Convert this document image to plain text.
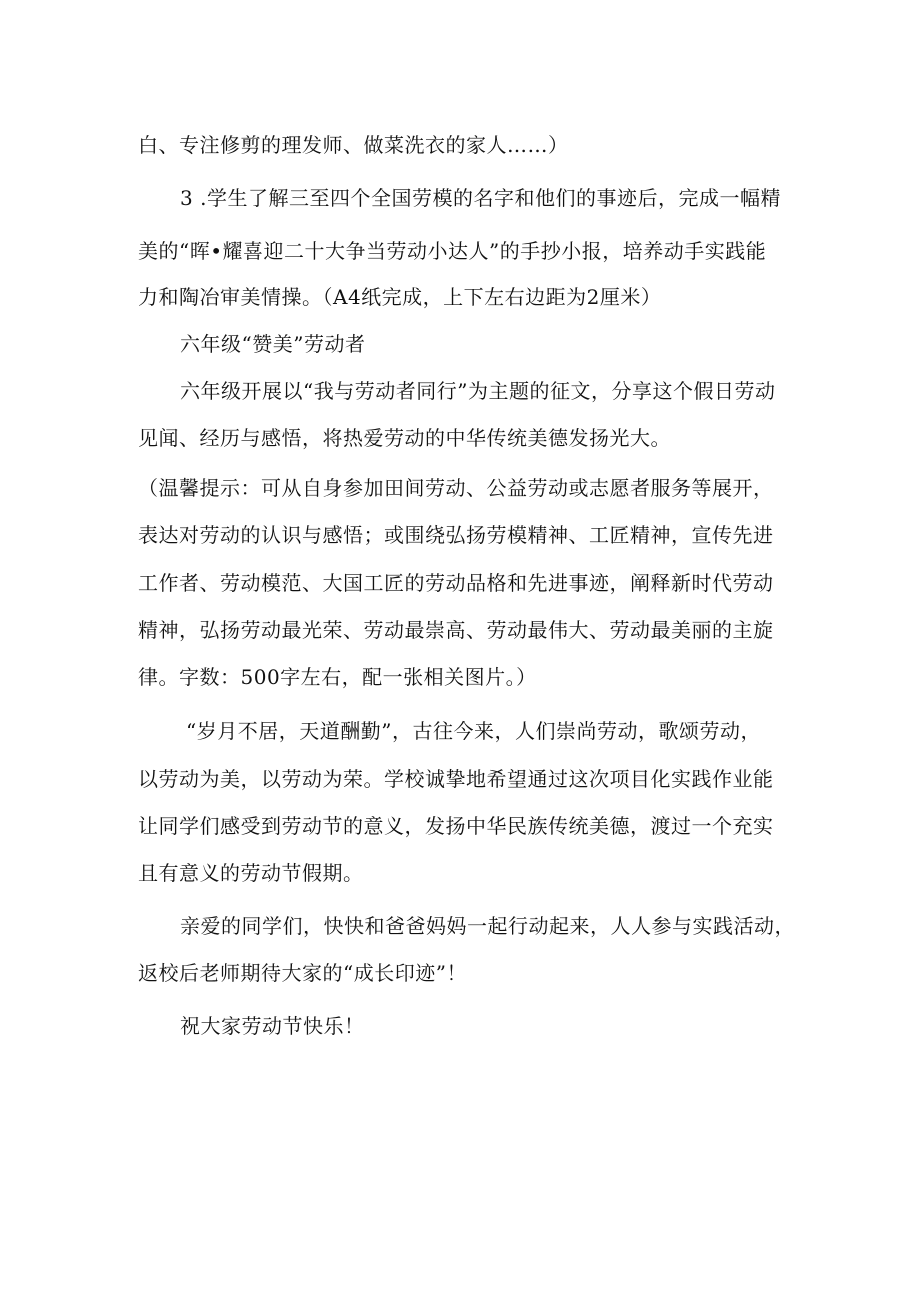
白、专注修剪的理发师、做菜洗衣的家人……）
3 .学生了解三至四个全国劳模的名字和他们的事迹后，完成一幅精
美的“晖•耀喜迎二十大争当劳动小达人”的手抄小报，培养动手实践能
力和陶冶审美情操。（A4纸完成，上下左右边距为2厘米）
六年级“赞美”劳动者
六年级开展以“我与劳动者同行”为主题的征文，分享这个假日劳动
见闻、经历与感悟，将热爱劳动的中华传统美德发扬光大。
（温馨提示：可从自身参加田间劳动、公益劳动或志愿者服务等展开，
表达对劳动的认识与感悟；或围绕弘扬劳模精神、工匠精神，宣传先进
工作者、劳动模范、大国工匠的劳动品格和先进事迹，阐释新时代劳动
精神，弘扬劳动最光荣、劳动最崇高、劳动最伟大、劳动最美丽的主旋
律。字数：500字左右，配一张相关图片。）
“岁月不居，天道酬勤”，古往今来，人们崇尚劳动，歌颂劳动，
以劳动为美，以劳动为荣。学校诚挚地希望通过这次项目化实践作业能
让同学们感受到劳动节的意义，发扬中华民族传统美德，渡过一个充实
且有意义的劳动节假期。
亲爱的同学们，快快和爸爸妈妈一起行动起来，人人参与实践活动，
返校后老师期待大家的“成长印迹”！
祝大家劳动节快乐！
